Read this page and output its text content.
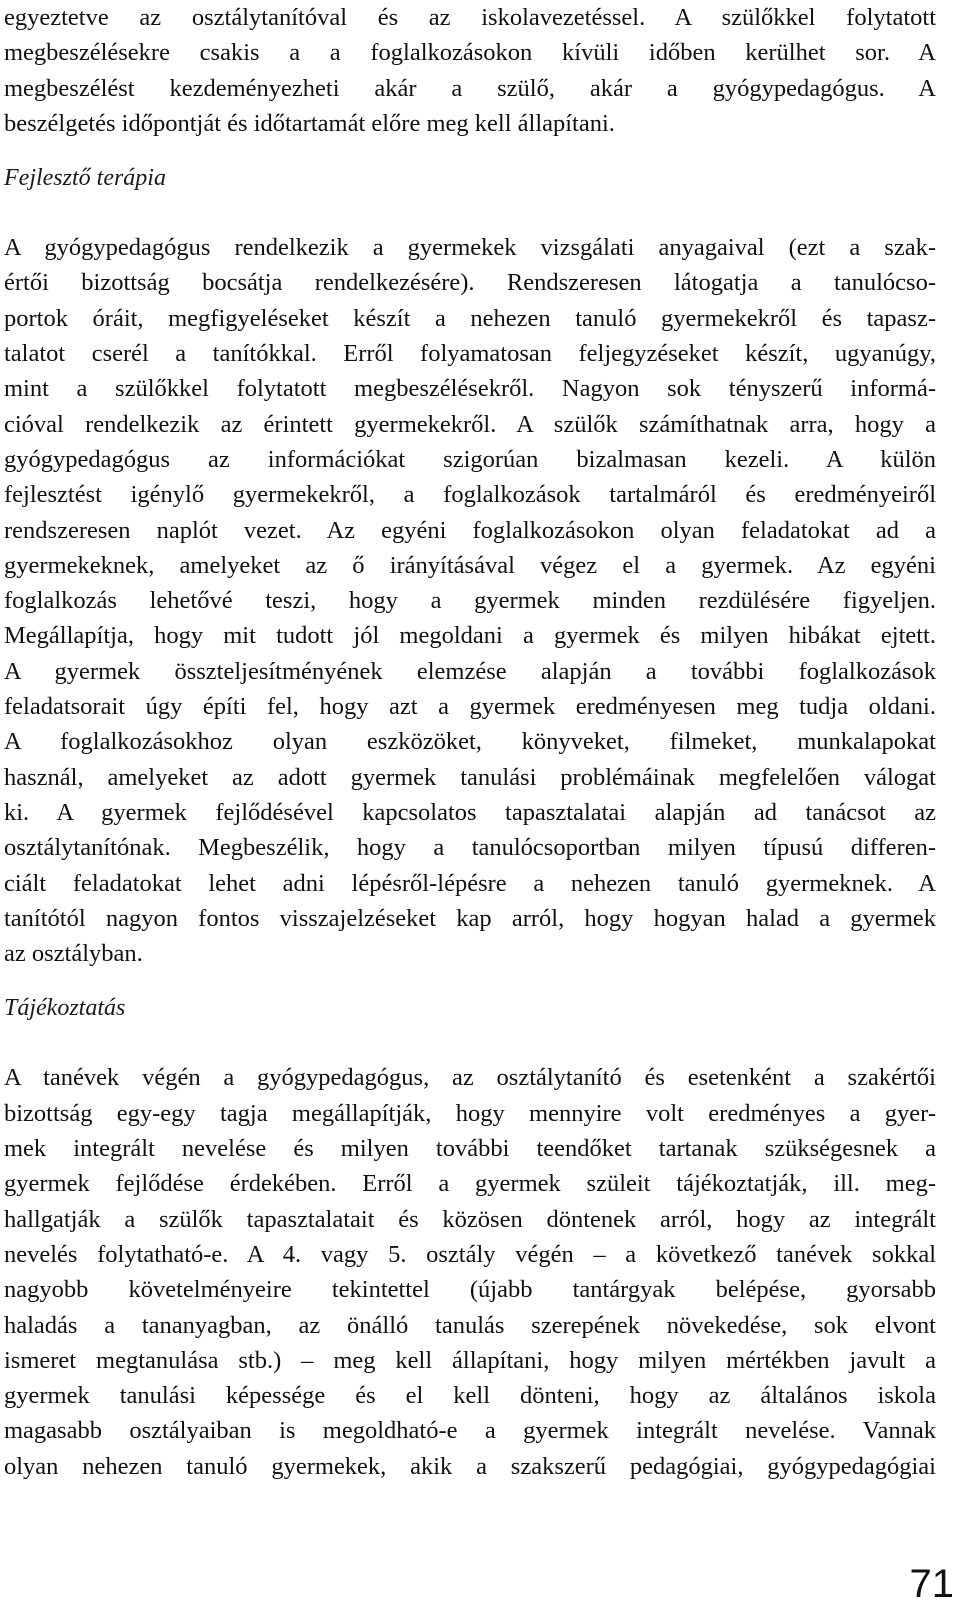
egyeztetve az osztálytanítóval és az iskolavezetéssel. A szülőkkel folytatott
megbeszélésekre csakis a a foglalkozásokon kívüli időben kerülhet sor. A
megbeszélést kezdeményezheti akár a szülő, akár a gyógypedagógus. A
beszélgetés időpontját és időtartamát előre meg kell állapítani.
Fejlesztő terápia
A gyógypedagógus rendelkezik a gyermekek vizsgálati anyagaival (ezt a szak-
értői bizottság bocsátja rendelkezésére). Rendszeresen látogatja a tanulócso-
portok óráit, megfigyeléseket készít a nehezen tanuló gyermekekről és tapasz-
talatot cserél a tanítókkal. Erről folyamatosan feljegyzéseket készít, ugyanúgy,
mint a szülőkkel folytatott megbeszélésekről. Nagyon sok tényszerű informá-
cióval rendelkezik az érintett gyermekekről. A szülők számíthatnak arra, hogy a
gyógypedagógus az információkat szigorúan bizalmasan kezeli. A külön
fejlesztést igénylő gyermekekről, a foglalkozások tartalmáról és eredményeiről
rendszeresen naplót vezet. Az egyéni foglalkozásokon olyan feladatokat ad a
gyermekeknek, amelyeket az ő irányításával végez el a gyermek. Az egyéni
foglalkozás lehetővé teszi, hogy a gyermek minden rezdülésére figyeljen.
Megállapítja, hogy mit tudott jól megoldani a gyermek és milyen hibákat ejtett.
A gyermek összteljesítményének elemzése alapján a további foglalkozások
feladatsorait úgy építi fel, hogy azt a gyermek eredményesen meg tudja oldani.
A foglalkozásokhoz olyan eszközöket, könyveket, filmeket, munkalapokat
használ, amelyeket az adott gyermek tanulási problémáinak megfelelően válogat
ki. A gyermek fejlődésével kapcsolatos tapasztalatai alapján ad tanácsot az
osztálytanítónak. Megbeszélik, hogy a tanulócsoportban milyen típusú differen-
ciált feladatokat lehet adni lépésről-lépésre a nehezen tanuló gyermeknek. A
tanítótól nagyon fontos visszajelzéseket kap arról, hogy hogyan halad a gyermek
az osztályban.
Tájékoztatás
A tanévek végén a gyógypedagógus, az osztálytanító és esetenként a szakértői
bizottság egy-egy tagja megállapítják, hogy mennyire volt eredményes a gyer-
mek integrált nevelése és milyen további teendőket tartanak szükségesnek a
gyermek fejlődése érdekében. Erről a gyermek szüleit tájékoztatják, ill. meg-
hallgatják a szülők tapasztalatait és közösen döntenek arról, hogy az integrált
nevelés folytatható-e. A 4. vagy 5. osztály végén – a következő tanévek sokkal
nagyobb követelményeire tekintettel (újabb tantárgyak belépése, gyorsabb
haladás a tananyagban, az önálló tanulás szerepének növekedése, sok elvont
ismeret megtanulása stb.) – meg kell állapítani, hogy milyen mértékben javult a
gyermek tanulási képessége és el kell dönteni, hogy az általános iskola
magasabb osztályaiban is megoldható-e a gyermek integrált nevelése. Vannak
olyan nehezen tanuló gyermekek, akik a szakszerű pedagógiai, gyógypedagógiai
71
